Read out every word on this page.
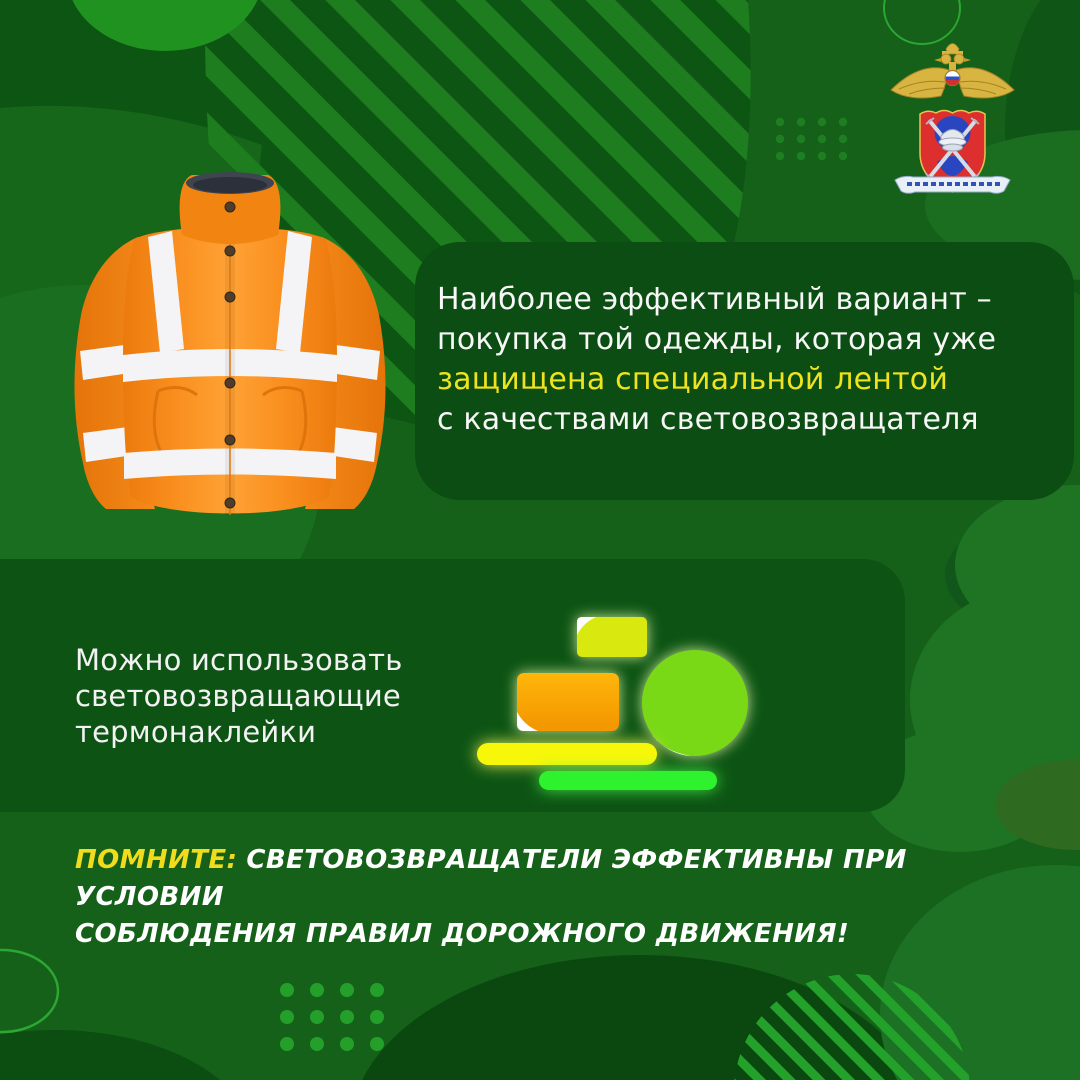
Наиболее эффективный вариант –
покупка той одежды, которая уже
защищена специальной лентой
с качествами световозвращателя
Можно использовать
световозвращающие
термонаклейки
ПОМНИТЕ: СВЕТОВОЗВРАЩАТЕЛИ ЭФФЕКТИВНЫ ПРИ УСЛОВИИ
СОБЛЮДЕНИЯ ПРАВИЛ ДОРОЖНОГО ДВИЖЕНИЯ!
